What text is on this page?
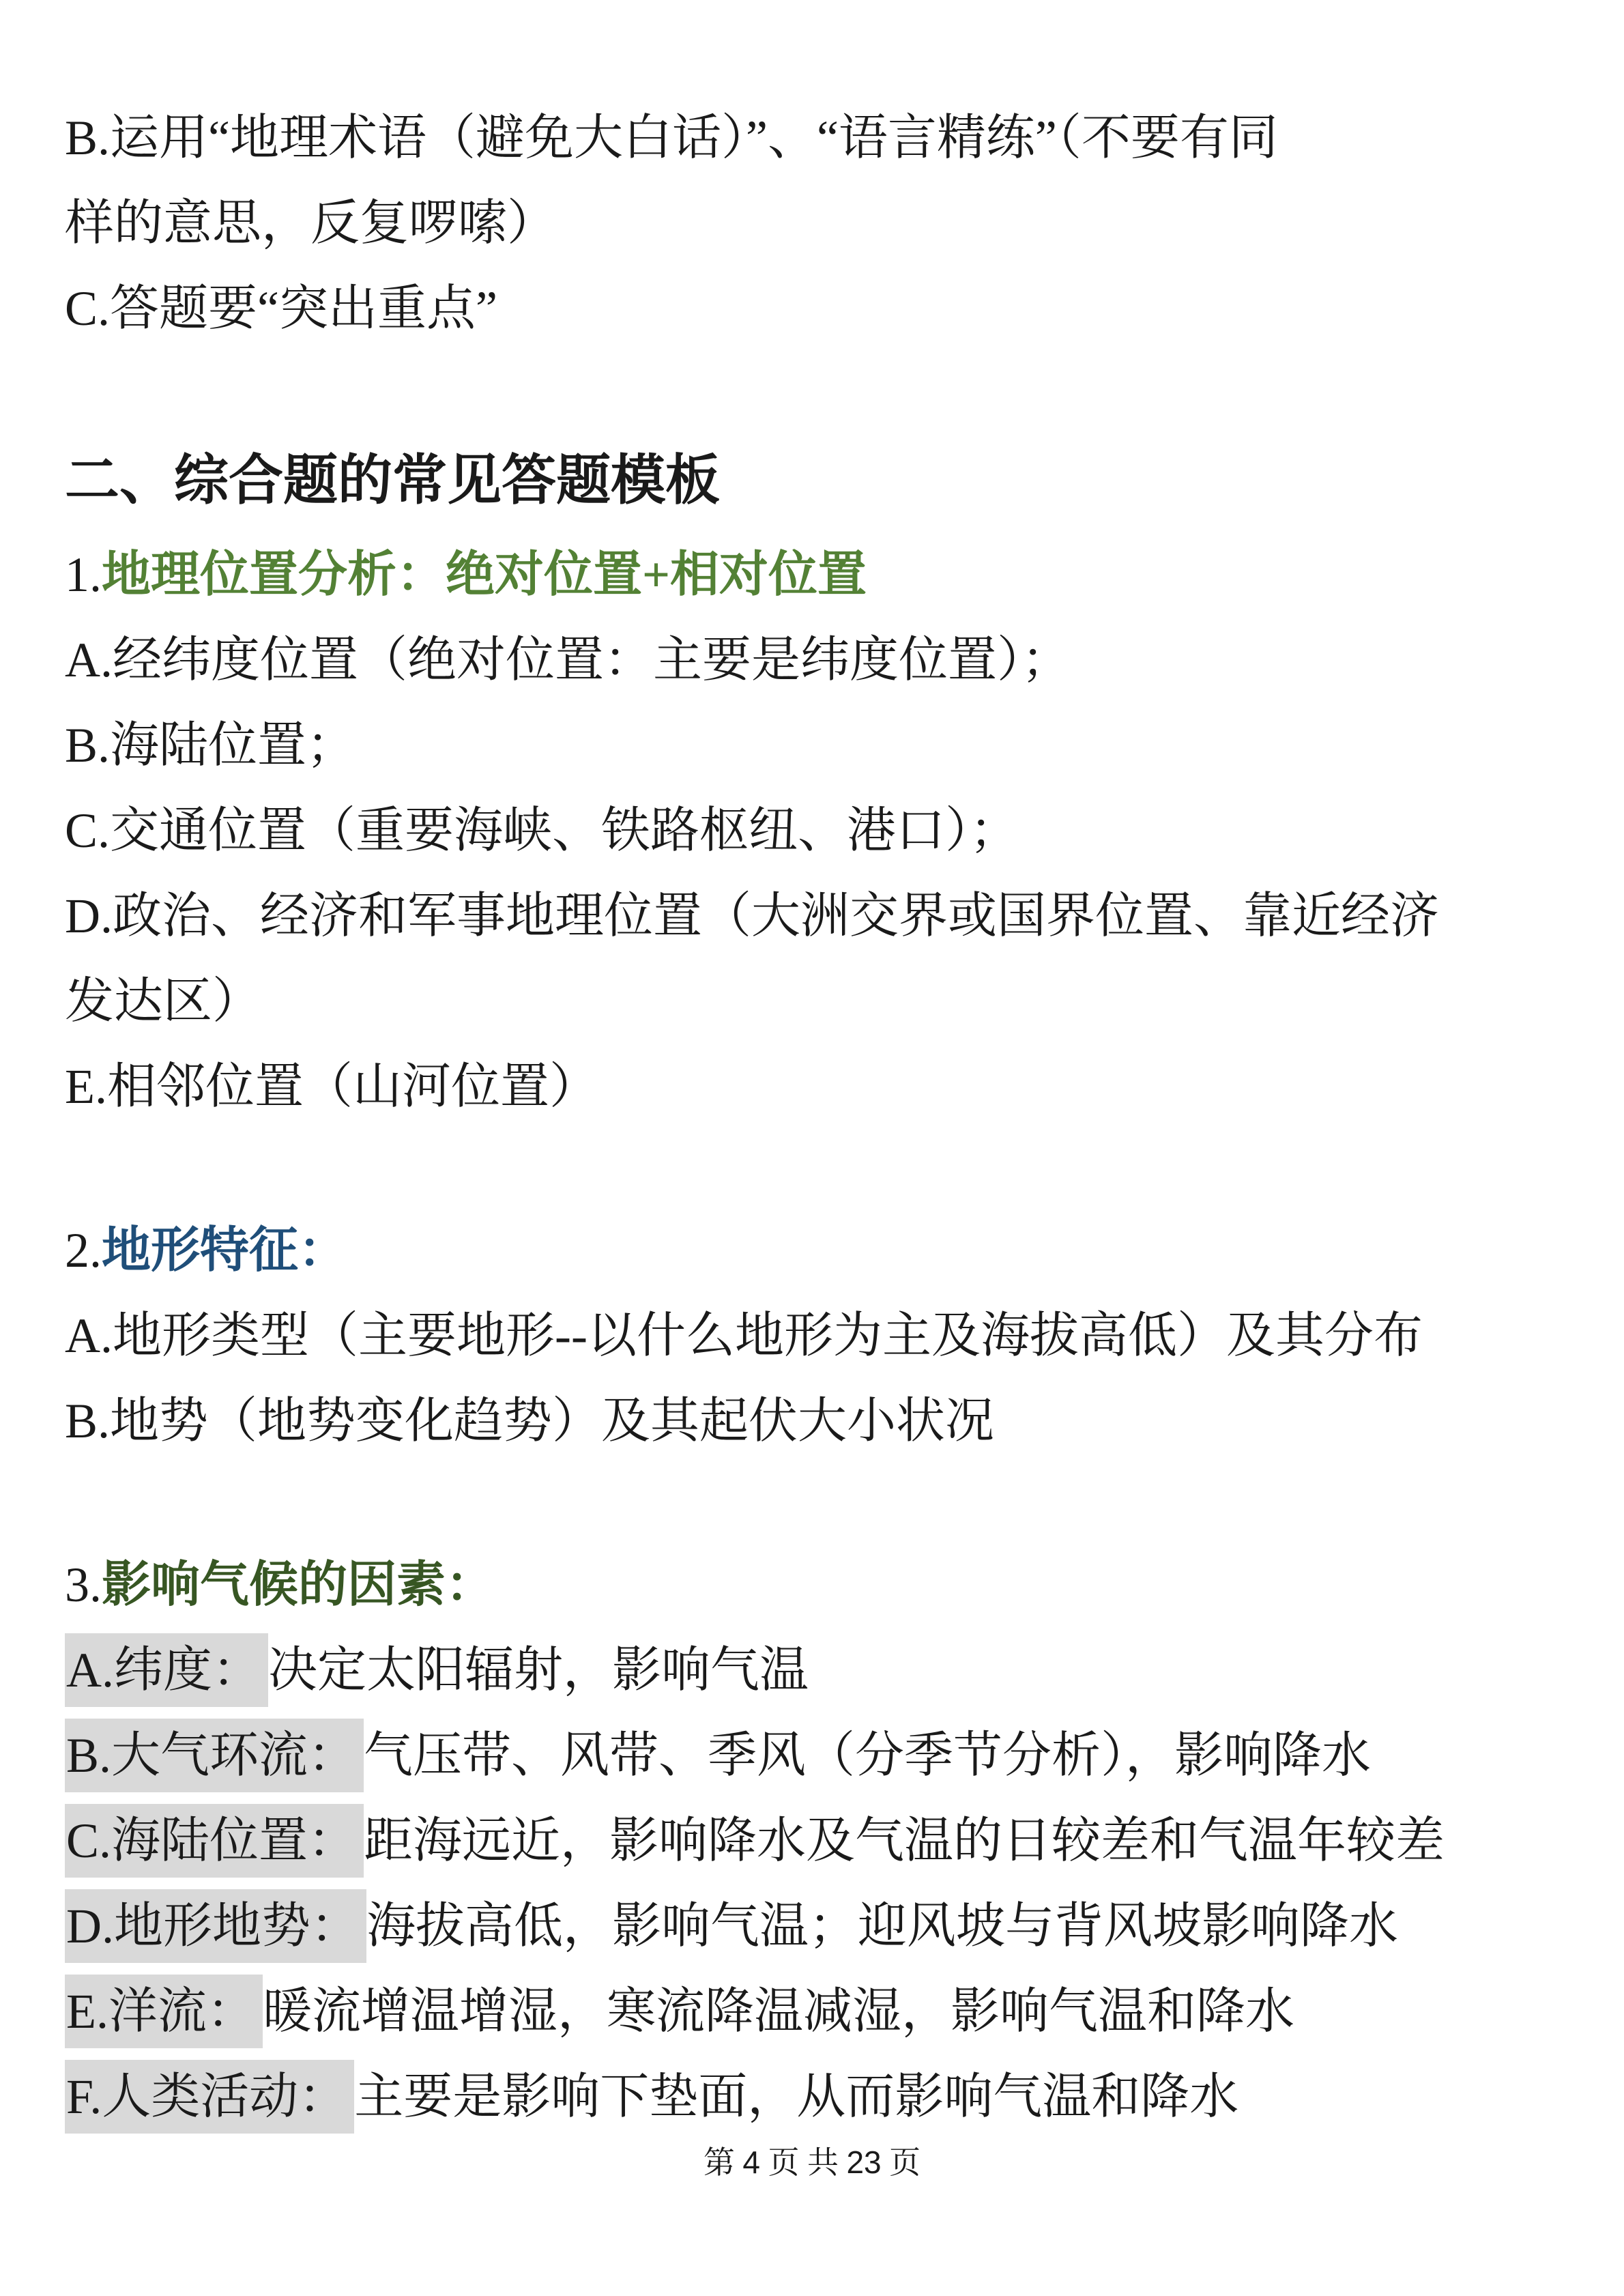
B.运用“地理术语（避免大白话）”、“语言精练”（不要有同
样的意思，反复啰嗦）
C.答题要“突出重点”
二、综合题的常见答题模板
1.地理位置分析：绝对位置+相对位置
A.经纬度位置（绝对位置：主要是纬度位置）；
B.海陆位置；
C.交通位置（重要海峡、铁路枢纽、港口）；
D.政治、经济和军事地理位置（大洲交界或国界位置、靠近经济
发达区）
E.相邻位置（山河位置）
2.地形特征：
A.地形类型（主要地形--以什么地形为主及海拔高低）及其分布
B.地势（地势变化趋势）及其起伏大小状况
3.影响气候的因素：
A.纬度： 决定太阳辐射，影响气温
B.大气环流： 气压带、风带、季风（分季节分析），影响降水
C.海陆位置： 距海远近，影响降水及气温的日较差和气温年较差
D.地形地势： 海拔高低，影响气温；迎风坡与背风坡影响降水
E.洋流： 暖流增温增湿，寒流降温减湿，影响气温和降水
F.人类活动： 主要是影响下垫面，从而影响气温和降水
第 4 页 共 23 页
